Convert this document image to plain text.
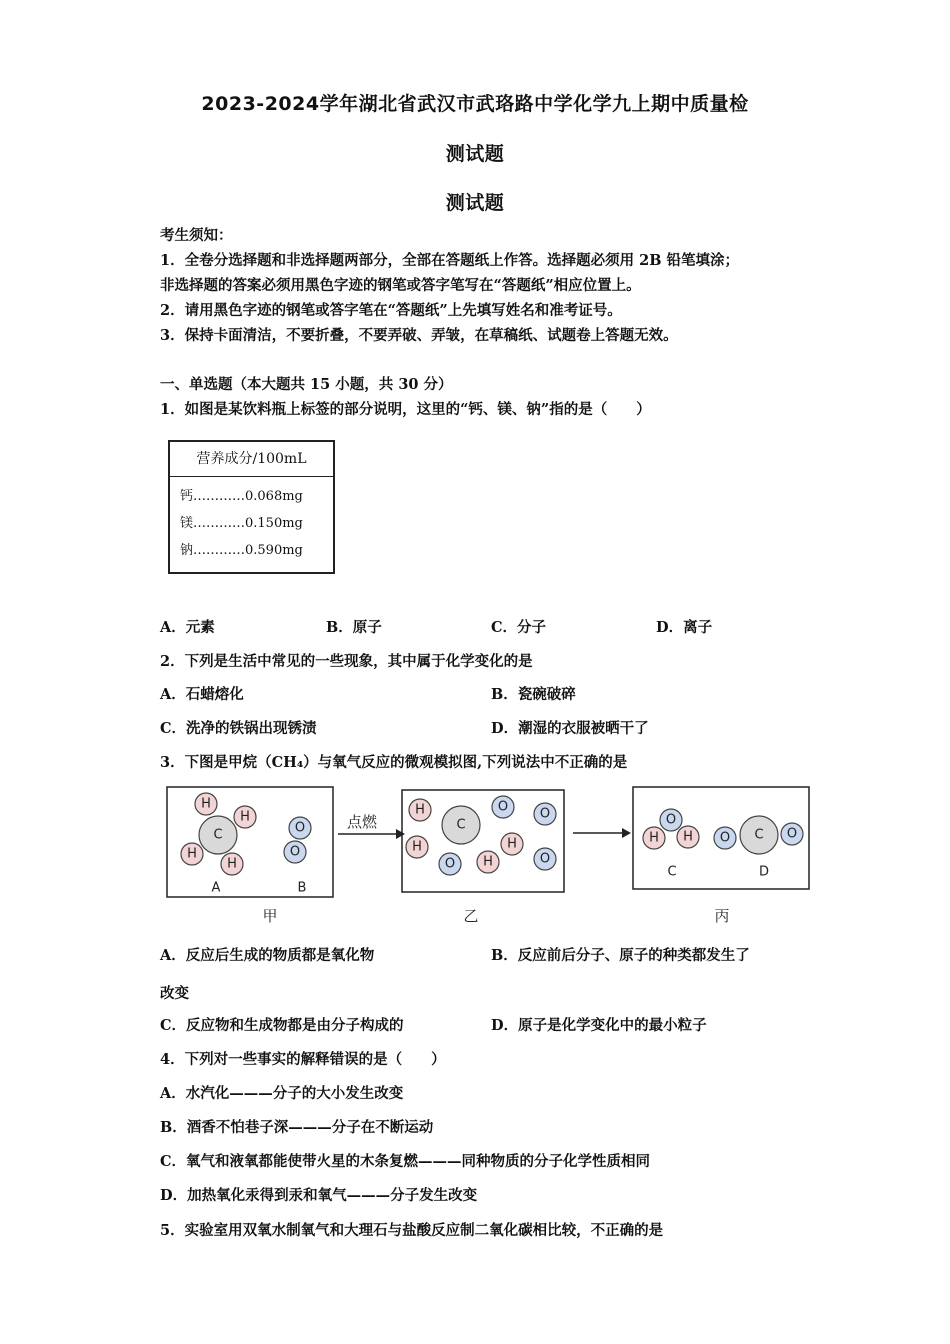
2023-2024学年湖北省武汉市武珞路中学化学九上期中质量检
测试题
测试题
考生须知：
1．全卷分选择题和非选择题两部分，全部在答题纸上作答。选择题必须用 2B 铅笔填涂；
非选择题的答案必须用黑色字迹的钢笔或答字笔写在“答题纸”相应位置上。
2．请用黑色字迹的钢笔或答字笔在“答题纸”上先填写姓名和准考证号。
3．保持卡面清洁，不要折叠，不要弄破、弄皱，在草稿纸、试题卷上答题无效。
一、单选题（本大题共 15 小题，共 30 分）
1．如图是某饮料瓶上标签的部分说明，这里的“钙、镁、钠”指的是（　　）
营养成分/100mL
钙…………0.068mg
镁…………0.150mg
钠…………0.590mg
A．元素	B．原子	C．分子	D．离子
2．下列是生活中常见的一些现象，其中属于化学变化的是
A．石蜡熔化	B．瓷碗破碎
C．洗净的铁锅出现锈渍	D．潮湿的衣服被晒干了
3．下图是甲烷（CH₄）与氧气反应的微观模拟图,下列说法中不正确的是
H
H
H
H
C	O
O
A	B
点燃	C
H
H	H
H
O O
O	O
O
H H O C O
C	D
甲	乙	丙
A．反应后生成的物质都是氧化物	B．反应前后分子、原子的种类都发生了
改变
C．反应物和生成物都是由分子构成的	D．原子是化学变化中的最小粒子
4．下列对一些事实的解释错误的是（　　）
A．水汽化———分子的大小发生改变
B．酒香不怕巷子深———分子在不断运动
C．氧气和液氧都能使带火星的木条复燃———同种物质的分子化学性质相同
D．加热氧化汞得到汞和氧气———分子发生改变
5．实验室用双氧水制氧气和大理石与盐酸反应制二氧化碳相比较，不正确的是
